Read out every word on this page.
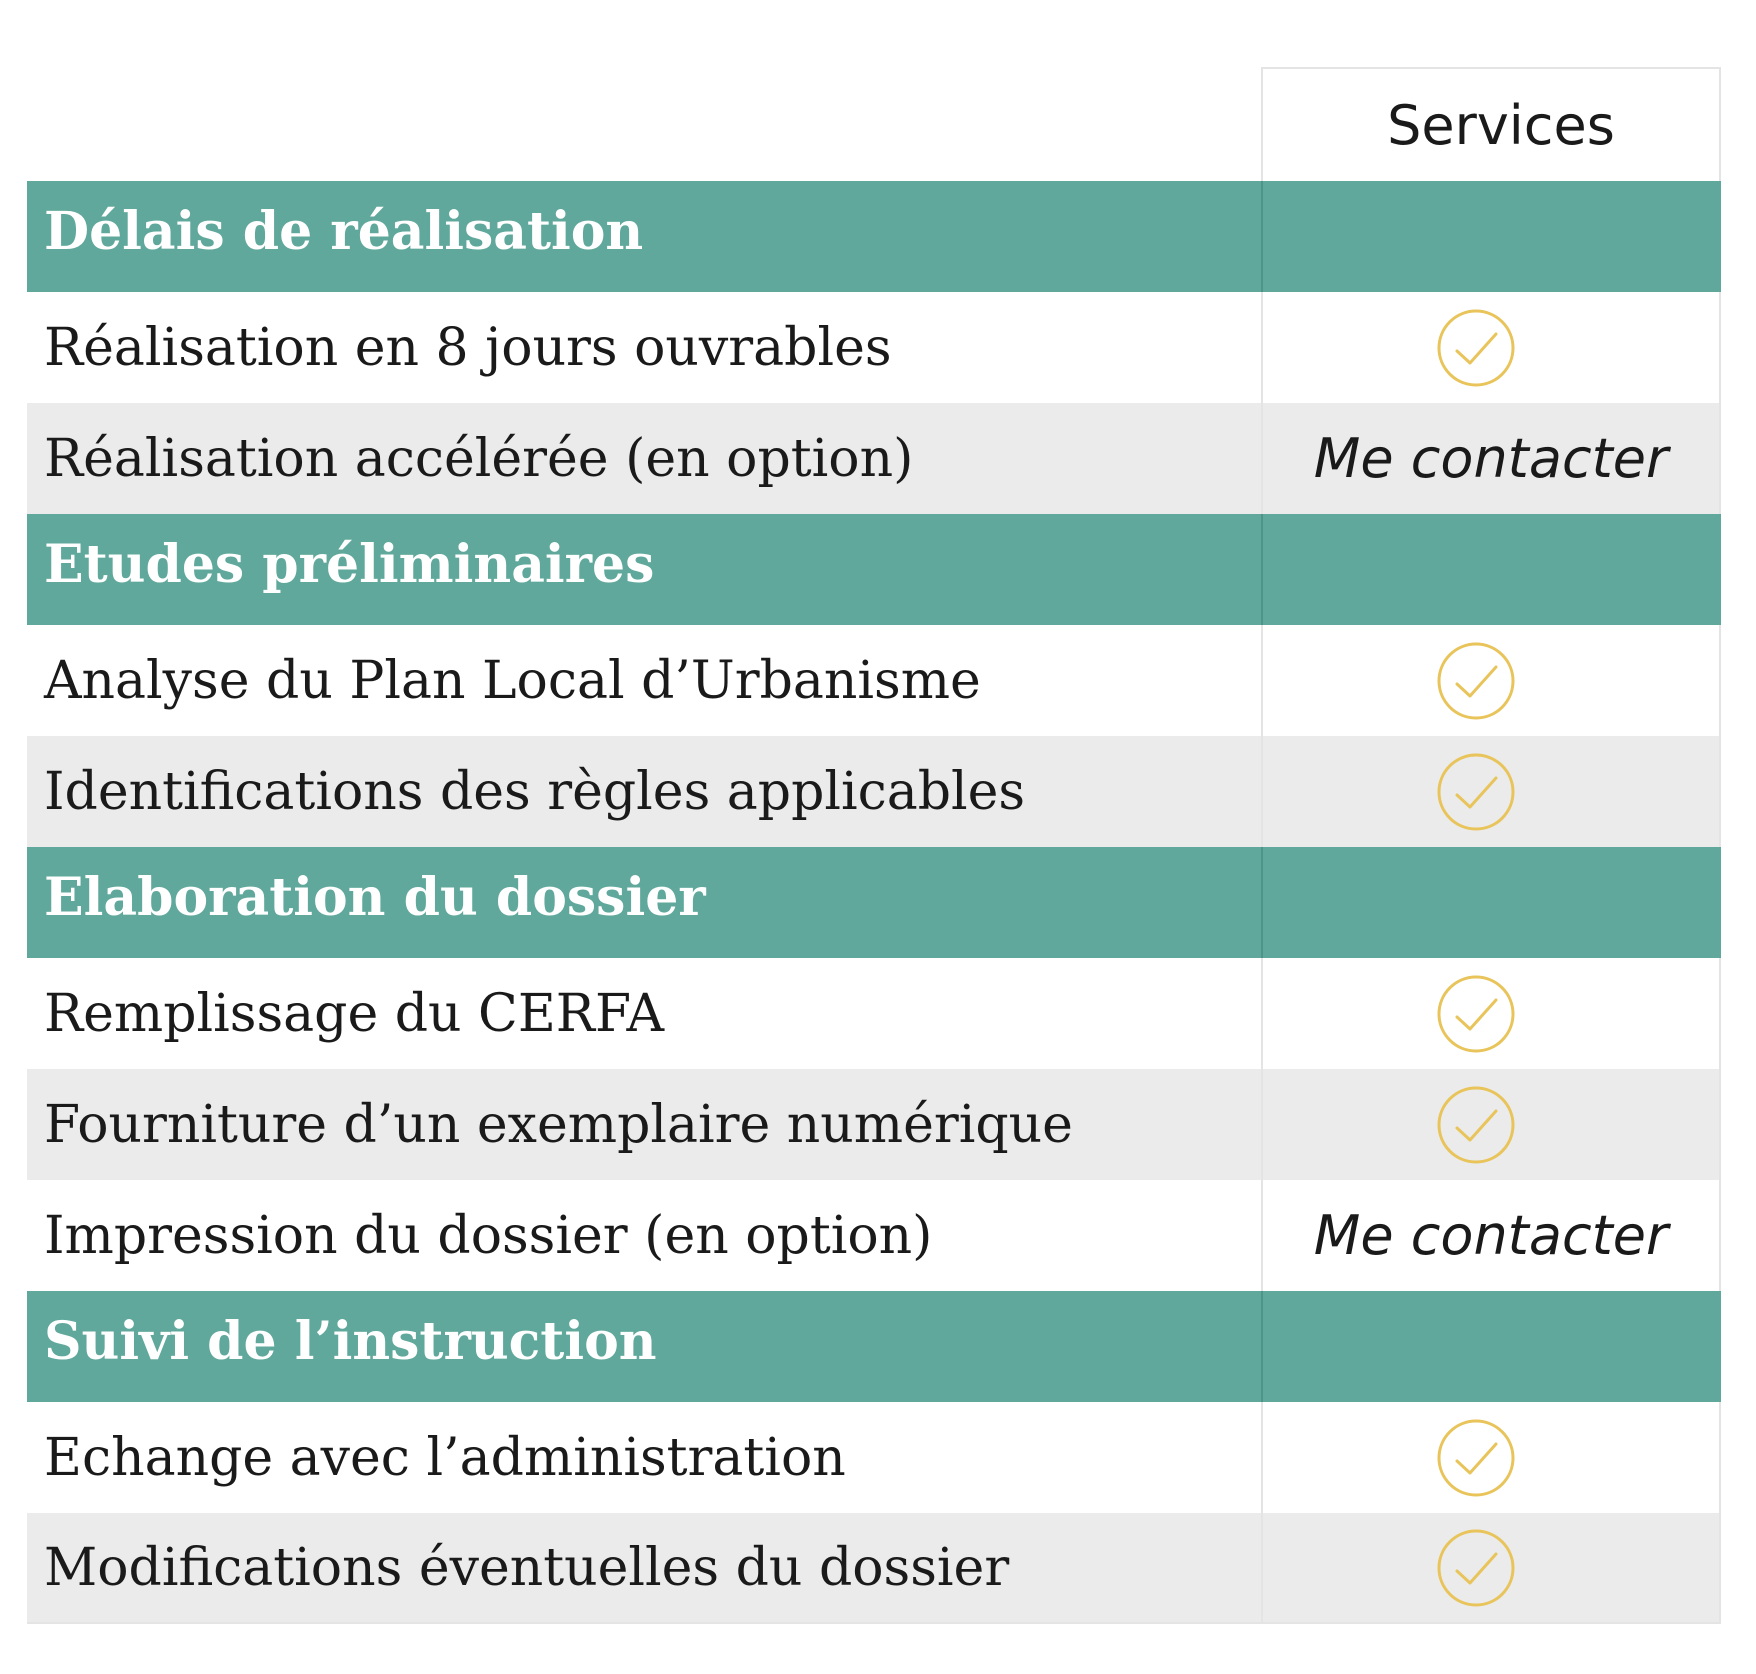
Services
Délais de réalisation
Réalisation en 8 jours ouvrables
Réalisation accélérée (en option)	Me contacter
Etudes préliminaires
Analyse du Plan Local d’Urbanisme
Identifications des règles applicables
Elaboration du dossier
Remplissage du CERFA
Fourniture d’un exemplaire numérique
Impression du dossier (en option)	Me contacter
Suivi de l’instruction
Echange avec l’administration
Modifications éventuelles du dossier
